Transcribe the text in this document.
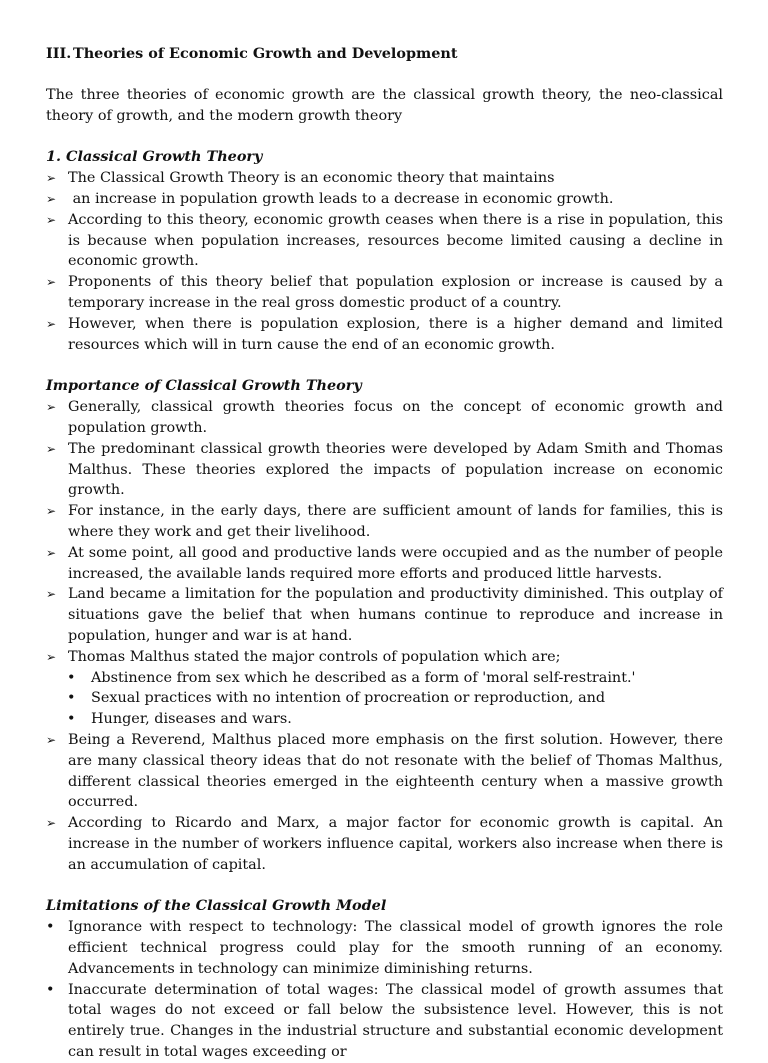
III. Theories of Economic Growth and Development

The three theories of economic growth are the classical growth theory, the neo-classical theory of growth, and the modern growth theory

1. Classical Growth Theory

➢ The Classical Growth Theory is an economic theory that maintains
➢ an increase in population growth leads to a decrease in economic growth.
➢ According to this theory, economic growth ceases when there is a rise in population, this is because when population increases, resources become limited causing a decline in economic growth.
➢ Proponents of this theory belief that population explosion or increase is caused by a temporary increase in the real gross domestic product of a country.
➢ However, when there is population explosion, there is a higher demand and limited resources which will in turn cause the end of an economic growth.

Importance of Classical Growth Theory

➢ Generally, classical growth theories focus on the concept of economic growth and population growth.
➢ The predominant classical growth theories were developed by Adam Smith and Thomas Malthus. These theories explored the impacts of population increase on economic growth.
➢ For instance, in the early days, there are sufficient amount of lands for families, this is where they work and get their livelihood.
➢ At some point, all good and productive lands were occupied and as the number of people increased, the available lands required more efforts and produced little harvests.
➢ Land became a limitation for the population and productivity diminished. This outplay of situations gave the belief that when humans continue to reproduce and increase in population, hunger and war is at hand.
➢ Thomas Malthus stated the major controls of population which are;
• Abstinence from sex which he described as a form of 'moral self-restraint.'
• Sexual practices with no intention of procreation or reproduction, and
• Hunger, diseases and wars.
➢ Being a Reverend, Malthus placed more emphasis on the first solution. However, there are many classical theory ideas that do not resonate with the belief of Thomas Malthus, different classical theories emerged in the eighteenth century when a massive growth occurred.
➢ According to Ricardo and Marx, a major factor for economic growth is capital. An increase in the number of workers influence capital, workers also increase when there is an accumulation of capital.

Limitations of the Classical Growth Model

• Ignorance with respect to technology: The classical model of growth ignores the role efficient technical progress could play for the smooth running of an economy. Advancements in technology can minimize diminishing returns.
• Inaccurate determination of total wages: The classical model of growth assumes that total wages do not exceed or fall below the subsistence level. However, this is not entirely true. Changes in the industrial structure and substantial economic development can result in total wages exceeding or
